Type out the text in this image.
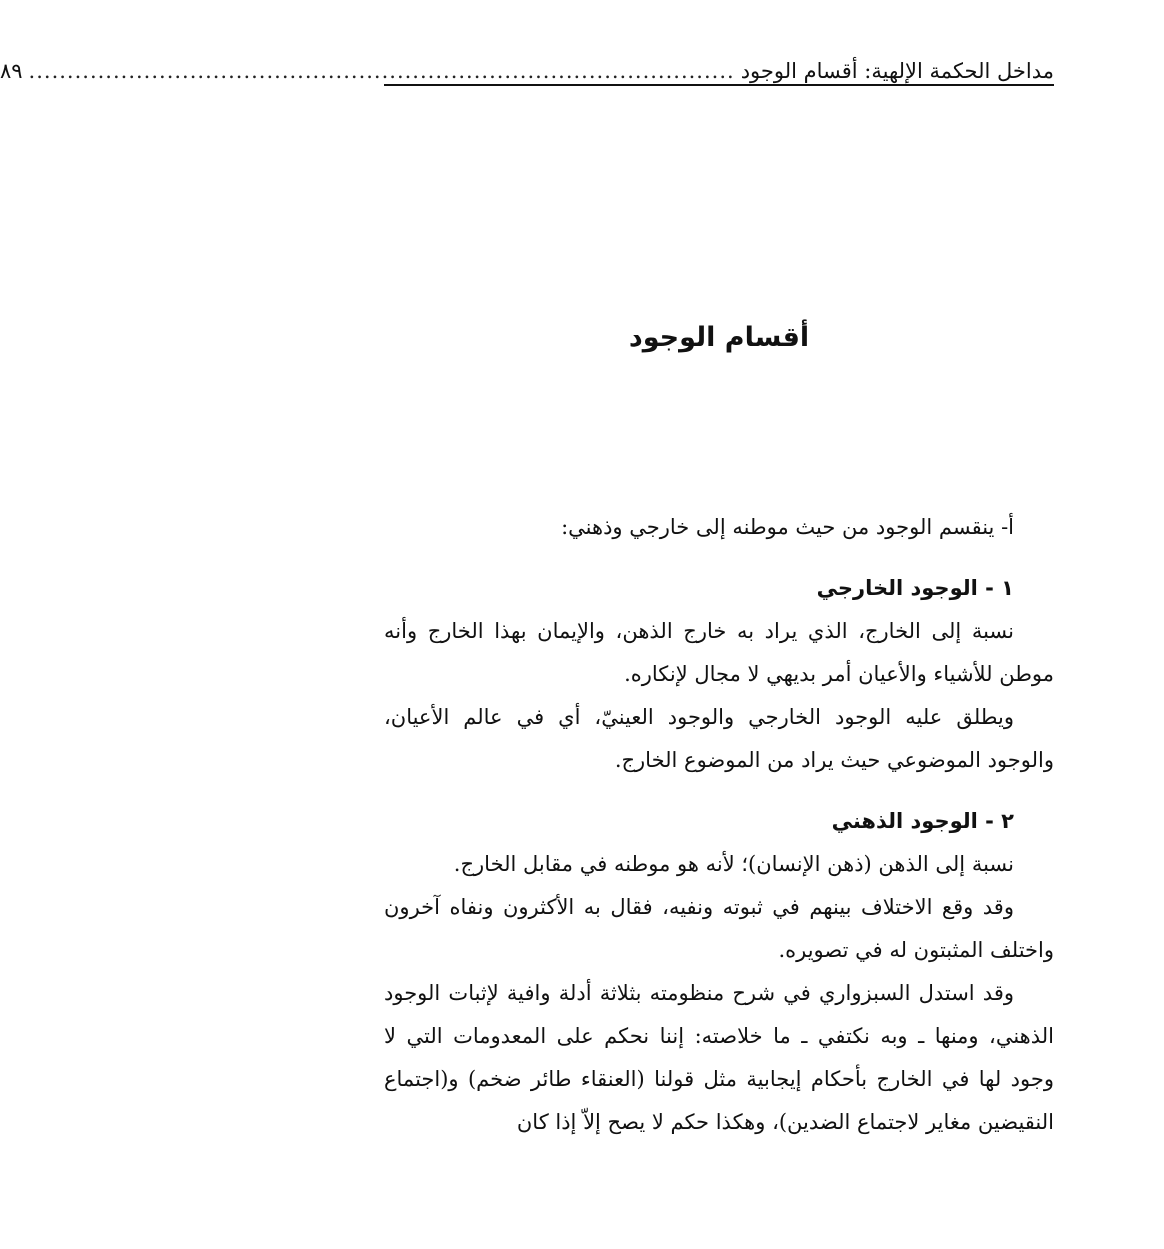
مداخل الحكمة الإلهية: أقسام الوجود
............................................................................................
٨٩
أقسام الوجود

أ- ينقسم الوجود من حيث موطنه إلى خارجي وذهني:

١ - الوجود الخارجي

نسبة إلى الخارج، الذي يراد به خارج الذهن، والإيمان بهذا الخارج وأنه موطن للأشياء والأعيان أمر بديهي لا مجال لإنكاره.

ويطلق عليه الوجود الخارجي والوجود العينيّ، أي في عالم الأعيان، والوجود الموضوعي حيث يراد من الموضوع الخارج.

٢ - الوجود الذهني

نسبة إلى الذهن (ذهن الإنسان)؛ لأنه هو موطنه في مقابل الخارج.

وقد وقع الاختلاف بينهم في ثبوته ونفيه، فقال به الأكثرون ونفاه آخرون واختلف المثبتون له في تصويره.

وقد استدل السبزواري في شرح منظومته بثلاثة أدلة وافية لإثبات الوجود الذهني، ومنها ـ وبه نكتفي ـ ما خلاصته: إننا نحكم على المعدومات التي لا وجود لها في الخارج بأحكام إيجابية مثل قولنا (العنقاء طائر ضخم) و(اجتماع النقيضين مغاير لاجتماع الضدين)، وهكذا حكم لا يصح إلاّ إذا كان
